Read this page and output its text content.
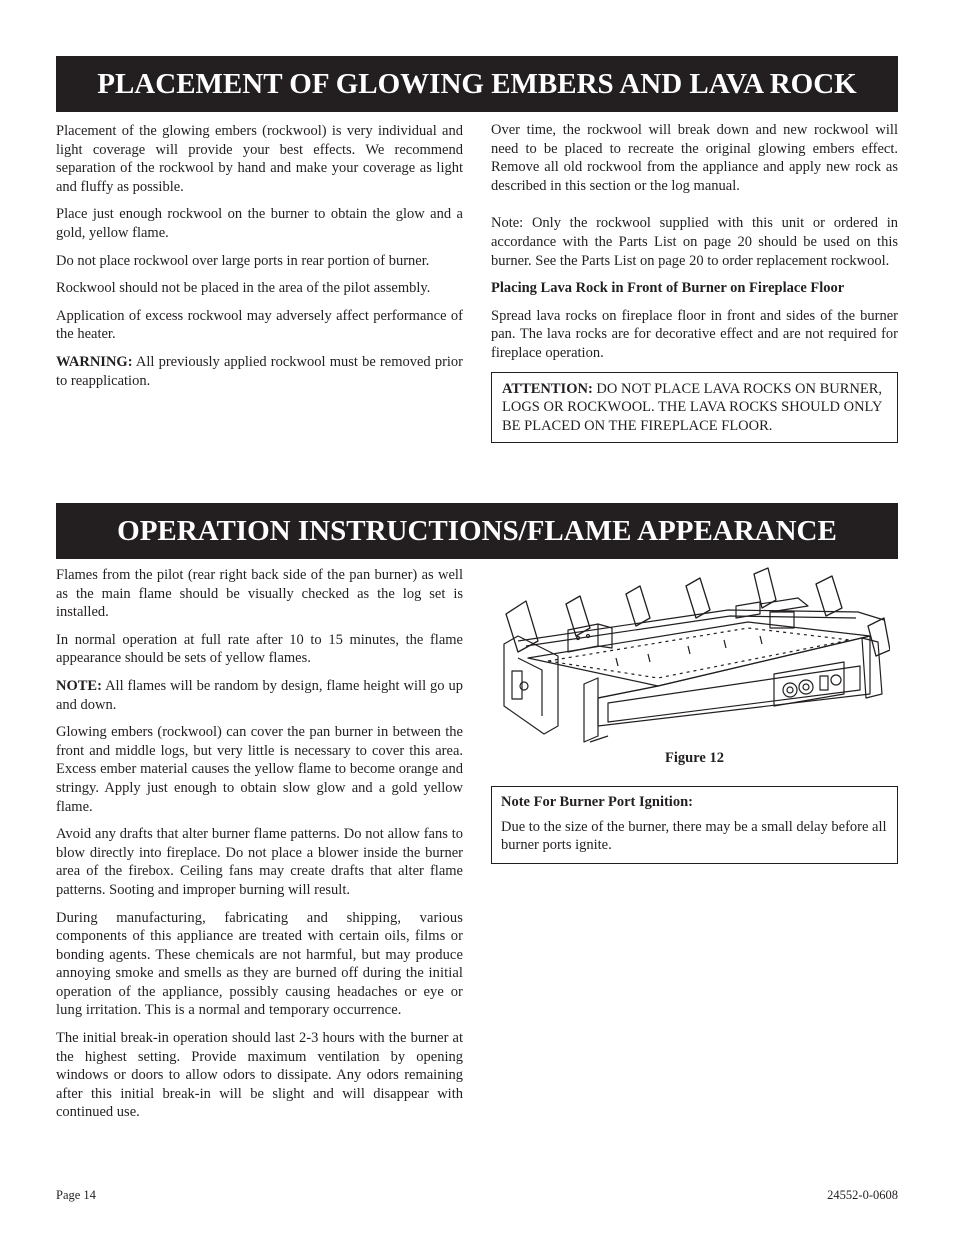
PLACEMENT OF GLOWING EMBERS AND LAVA ROCK

Placement of the glowing embers (rockwool) is very individual and light coverage will provide your best effects. We recommend separation of the rockwool by hand and make your coverage as light and fluffy as possible.

Place just enough rockwool on the burner to obtain the glow and a gold, yellow flame.

Do not place rockwool over large ports in rear portion of burner.

Rockwool should not be placed in the area of the pilot assembly.

Application of excess rockwool may adversely affect performance of the heater.

WARNING: All previously applied rockwool must be removed prior to reapplication.

Over time, the rockwool will break down and new rockwool will need to be placed to recreate the original glowing embers effect. Remove all old rockwool from the appliance and apply new rock as described in this section or the log manual.

Note: Only the rockwool supplied with this unit or ordered in accordance with the Parts List on page 20 should be used on this burner. See the Parts List on page 20 to order replacement rockwool.

Placing Lava Rock in Front of Burner on Fireplace Floor

Spread lava rocks on fireplace floor in front and sides of the burner pan. The lava rocks are for decorative effect and are not required for fireplace operation.

ATTENTION: DO NOT PLACE LAVA ROCKS ON BURNER, LOGS OR ROCKWOOL. THE LAVA ROCKS SHOULD ONLY BE PLACED ON THE FIREPLACE FLOOR.
OPERATION INSTRUCTIONS/FLAME APPEARANCE

Flames from the pilot (rear right back side of the pan burner) as well as the main flame should be visually checked as the log set is installed.

In normal operation at full rate after 10 to 15 minutes, the flame appearance should be sets of yellow flames.

NOTE: All flames will be random by design, flame height will go up and down.

Glowing embers (rockwool) can cover the pan burner in between the front and middle logs, but very little is necessary to cover this area. Excess ember material causes the yellow flame to become orange and stringy. Apply just enough to obtain slow glow and a gold yellow flame.

Avoid any drafts that alter burner flame patterns. Do not allow fans to blow directly into fireplace. Do not place a blower inside the burner area of the firebox. Ceiling fans may create drafts that alter flame patterns. Sooting and improper burning will result.

During manufacturing, fabricating and shipping, various components of this appliance are treated with certain oils, films or bonding agents. These chemicals are not harmful, but may produce annoying smoke and smells as they are burned off during the initial operation of the appliance, possibly causing headaches or eye or lung irritation. This is a normal and temporary occurrence.

The initial break-in operation should last 2-3 hours with the burner at the highest setting. Provide maximum ventilation by opening windows or doors to allow odors to dissipate. Any odors remaining after this initial break-in will be slight and will disappear with continued use.

Figure 12
Note For Burner Port Ignition:
Due to the size of the burner, there may be a small delay before all burner ports ignite.
Page 14	24552-0-0608
